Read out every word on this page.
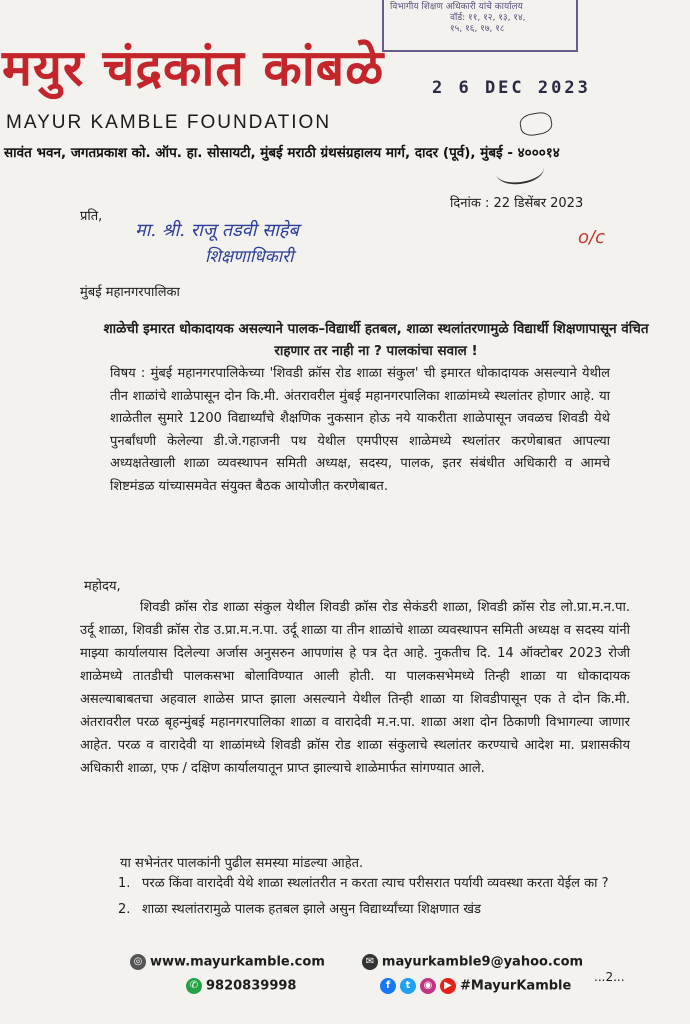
विभागीय शिक्षण अधिकारी यांचे कार्यालय
वॉर्ड: ११, १२, १३, १४,
१५, १६, १७, १८
2 6 DEC 2023
मयुर चंद्रकांत कांबळे
MAYUR KAMBLE FOUNDATION
सावंत भवन, जगतप्रकाश को. ऑप. हा. सोसायटी, मुंबई मराठी ग्रंथसंग्रहालय मार्ग, दादर (पूर्व), मुंबई - ४०००१४
दिनांक : 22 डिसेंबर 2023
प्रति,
मा. श्री. राजू तडवी साहेब
शिक्षणाधिकारी
o/c
मुंबई महानगरपालिका
शाळेची इमारत धोकादायक असल्याने पालक–विद्यार्थी हतबल, शाळा स्थलांतरणामुळे विद्यार्थी शिक्षणापासून वंचित राहणार तर नाही ना ? पालकांचा सवाल !
विषय : मुंबई महानगरपालिकेच्या 'शिवडी क्रॉस रोड शाळा संकुल' ची इमारत धोकादायक असल्याने येथील तीन शाळांचे शाळेपासून दोन कि.मी. अंतरावरील मुंबई महानगरपालिका शाळांमध्ये स्थलांतर होणार आहे. या शाळेतील सुमारे 1200 विद्यार्थ्यांचे शैक्षणिक नुकसान होऊ नये याकरीता शाळेपासून जवळच शिवडी येथे पुनर्बांधणी केलेल्या डी.जे.गहाजनी पथ येथील एमपीएस शाळेमध्ये स्थलांतर करणेबाबत आपल्या अध्यक्षतेखाली शाळा व्यवस्थापन समिती अध्यक्ष, सदस्य, पालक, इतर संबंधीत अधिकारी व आमचे शिष्टमंडळ यांच्यासमवेत संयुक्त बैठक आयोजीत करणेबाबत.
महोदय,
शिवडी क्रॉस रोड शाळा संकुल येथील शिवडी क्रॉस रोड सेकंडरी शाळा, शिवडी क्रॉस रोड लो.प्रा.म.न.पा. उर्दू शाळा, शिवडी क्रॉस रोड उ.प्रा.म.न.पा. उर्दू शाळा या तीन शाळांचे शाळा व्यवस्थापन समिती अध्यक्ष व सदस्य यांनी माझ्या कार्यालयास दिलेल्या अर्जास अनुसरुन आपणांस हे पत्र देत आहे. नुकतीच दि. 14 ऑक्टोबर 2023 रोजी शाळेमध्ये तातडीची पालकसभा बोलाविण्यात आली होती. या पालकसभेमध्ये तिन्ही शाळा या धोकादायक असल्याबाबतचा अहवाल शाळेस प्राप्त झाला असल्याने येथील तिन्ही शाळा या शिवडीपासून एक ते दोन कि.मी. अंतरावरील परळ बृहन्मुंबई महानगरपालिका शाळा व वारादेवी म.न.पा. शाळा अशा दोन ठिकाणी विभागल्या जाणार आहेत. परळ व वारादेवी या शाळांमध्ये शिवडी क्रॉस रोड शाळा संकुलाचे स्थलांतर करण्याचे आदेश मा. प्रशासकीय अधिकारी शाळा, एफ / दक्षिण कार्यालयातून प्राप्त झाल्याचे शाळेमार्फत सांगण्यात आले.
या सभेनंतर पालकांनी पुढील समस्या मांडल्या आहेत.
1. परळ किंवा वारादेवी येथे शाळा स्थलांतरीत न करता त्याच परीसरात पर्यायी व्यवस्था करता येईल का ?
2. शाळा स्थलांतरामुळे पालक हतबल झाले असुन विद्यार्थ्यांच्या शिक्षणात खंड
◎ www.mayurkamble.com	✉ mayurkamble9@yahoo.com
✆ 9820839998	f t ◉ ▶ #MayurKamble
...2...
